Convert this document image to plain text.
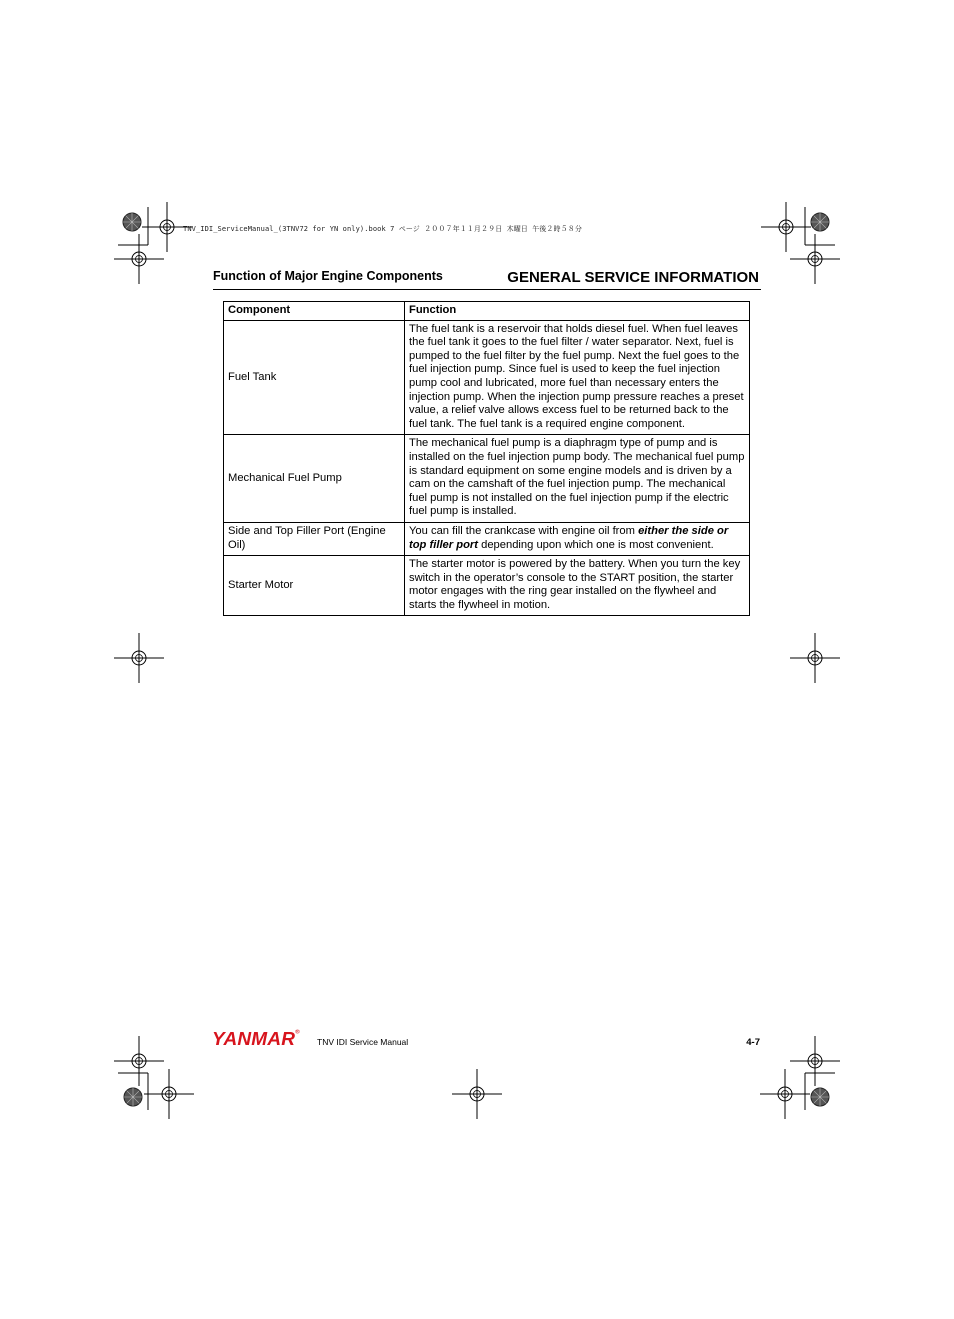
TNV_IDI_ServiceManual_(3TNV72 for YN only).book 7 ページ ２００７年１１月２９日 木曜日 午後２時５８分
Function of Major Engine Components	GENERAL SERVICE INFORMATION
Component	Function
Fuel Tank	The fuel tank is a reservoir that holds diesel fuel. When fuel leaves the fuel tank it goes to the fuel filter / water separator. Next, fuel is pumped to the fuel filter by the fuel pump. Next the fuel goes to the fuel injection pump. Since fuel is used to keep the fuel injection pump cool and lubricated, more fuel than necessary enters the injection pump. When the injection pump pressure reaches a preset value, a relief valve allows excess fuel to be returned back to the fuel tank. The fuel tank is a required engine component.
Mechanical Fuel Pump	The mechanical fuel pump is a diaphragm type of pump and is installed on the fuel injection pump body. The mechanical fuel pump is standard equipment on some engine models and is driven by a cam on the camshaft of the fuel injection pump. The mechanical fuel pump is not installed on the fuel injection pump if the electric fuel pump is installed.
Side and Top Filler Port (Engine Oil)	You can fill the crankcase with engine oil from either the side or top filler port depending upon which one is most convenient.
Starter Motor	The starter motor is powered by the battery. When you turn the key switch in the operator’s console to the START position, the starter motor engages with the ring gear installed on the flywheel and starts the flywheel in motion.
YANMAR®
TNV IDI Service Manual	4-7
